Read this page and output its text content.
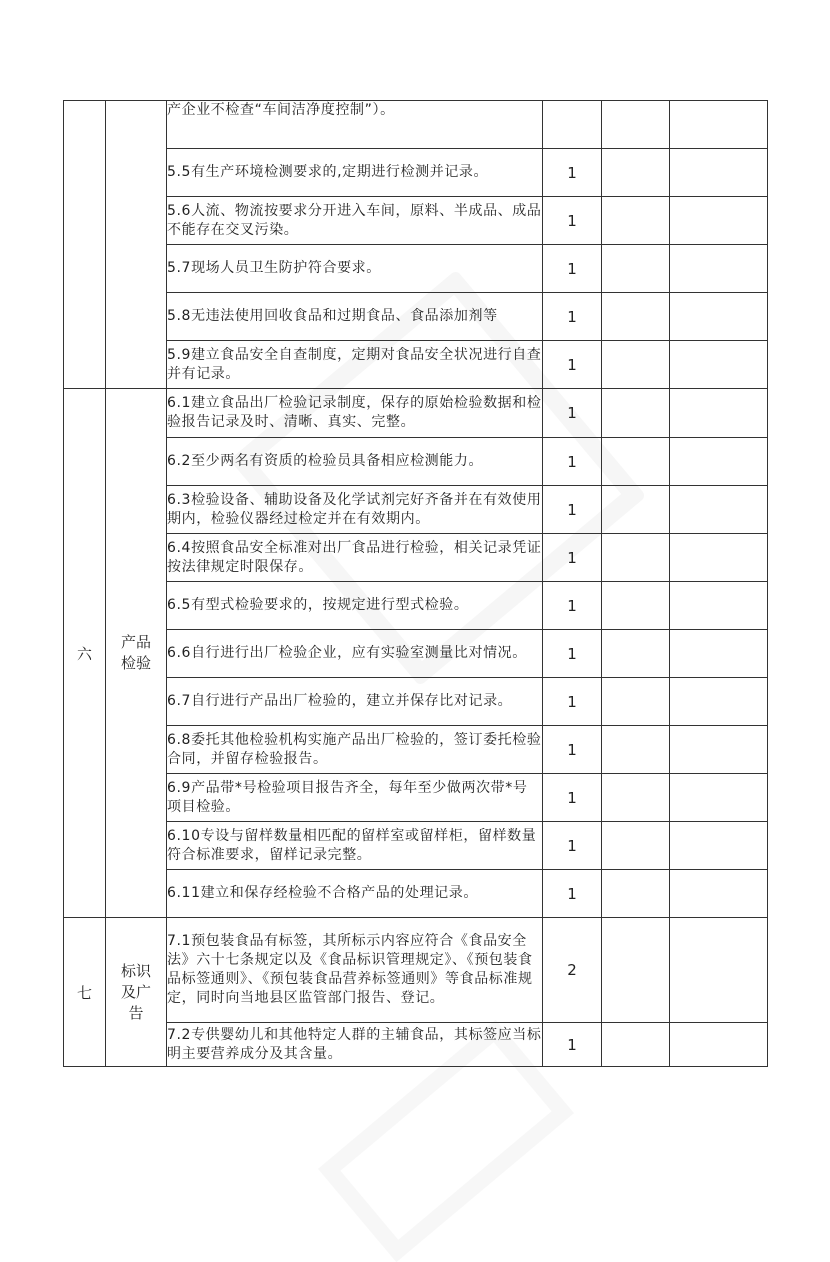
		产企业不检查“车间洁净度控制”）。			
		5.5有生产环境检测要求的,定期进行检测并记录。	1		
		5.6人流、物流按要求分开进入车间，原料、半成品、成品不能存在交叉污染。	1		
		5.7现场人员卫生防护符合要求。	1		
		5.8无违法使用回收食品和过期食品、食品添加剂等	1		
		5.9建立食品安全自查制度，定期对食品安全状况进行自查并有记录。	1		
六	产品检验	6.1建立食品出厂检验记录制度，保存的原始检验数据和检验报告记录及时、清晰、真实、完整。	1		
		6.2至少两名有资质的检验员具备相应检测能力。	1		
		6.3检验设备、辅助设备及化学试剂完好齐备并在有效使用期内，检验仪器经过检定并在有效期内。	1		
		6.4按照食品安全标准对出厂食品进行检验，相关记录凭证按法律规定时限保存。	1		
		6.5有型式检验要求的，按规定进行型式检验。	1		
		6.6自行进行出厂检验企业，应有实验室测量比对情况。	1		
		6.7自行进行产品出厂检验的，建立并保存比对记录。	1		
		6.8委托其他检验机构实施产品出厂检验的，签订委托检验合同，并留存检验报告。	1		
		6.9产品带*号检验项目报告齐全，每年至少做两次带*号项目检验。	1		
		6.10专设与留样数量相匹配的留样室或留样柜，留样数量符合标准要求，留样记录完整。	1		
		6.11建立和保存经检验不合格产品的处理记录。	1		
七	标识及广告	7.1预包装食品有标签，其所标示内容应符合《食品安全法》六十七条规定以及《食品标识管理规定》、《预包装食品标签通则》、《预包装食品营养标签通则》等食品标准规定，同时向当地县区监管部门报告、登记。	2		
		7.2专供婴幼儿和其他特定人群的主辅食品，其标签应当标明主要营养成分及其含量。	1		
